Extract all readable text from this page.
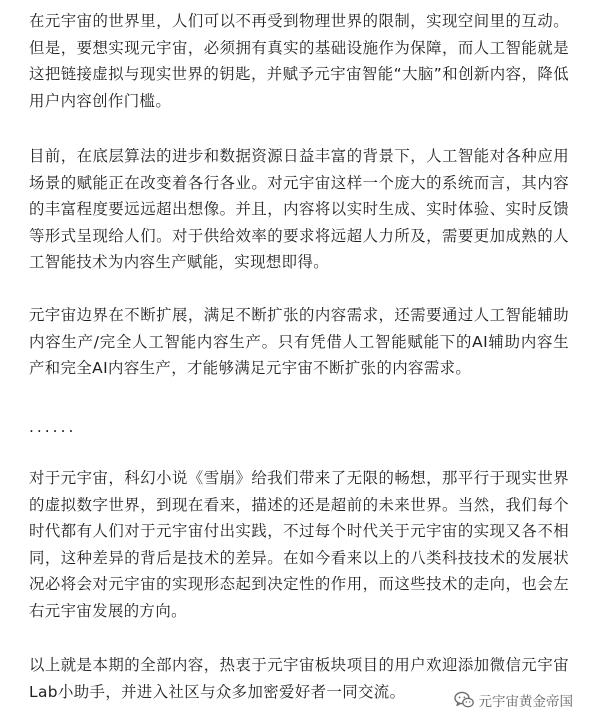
在元宇宙的世界里，人们可以不再受到物理世界的限制，实现空间里的互动。但是，要想实现元宇宙，必须拥有真实的基础设施作为保障，而人工智能就是这把链接虚拟与现实世界的钥匙，并赋予元宇宙智能“大脑”和创新内容，降低用户内容创作门槛。

目前，在底层算法的进步和数据资源日益丰富的背景下，人工智能对各种应用场景的赋能正在改变着各行各业。对元宇宙这样一个庞大的系统而言，其内容的丰富程度要远远超出想像。并且，内容将以实时生成、实时体验、实时反馈等形式呈现给人们。对于供给效率的要求将远超人力所及，需要更加成熟的人工智能技术为内容生产赋能，实现想即得。

元宇宙边界在不断扩展，满足不断扩张的内容需求，还需要通过人工智能辅助内容生产/完全人工智能内容生产。只有凭借人工智能赋能下的AI辅助内容生产和完全AI内容生产，才能够满足元宇宙不断扩张的内容需求。

......

对于元宇宙，科幻小说《雪崩》给我们带来了无限的畅想，那平行于现实世界的虚拟数字世界，到现在看来，描述的还是超前的未来世界。当然，我们每个时代都有人们对于元宇宙付出实践，不过每个时代关于元宇宙的实现又各不相同，这种差异的背后是技术的差异。在如今看来以上的八类科技技术的发展状况必将会对元宇宙的实现形态起到决定性的作用，而这些技术的走向，也会左右元宇宙发展的方向。

以上就是本期的全部内容，热衷于元宇宙板块项目的用户欢迎添加微信元宇宙Lab小助手，并进入社区与众多加密爱好者一同交流。

元宇宙黄金帝国
